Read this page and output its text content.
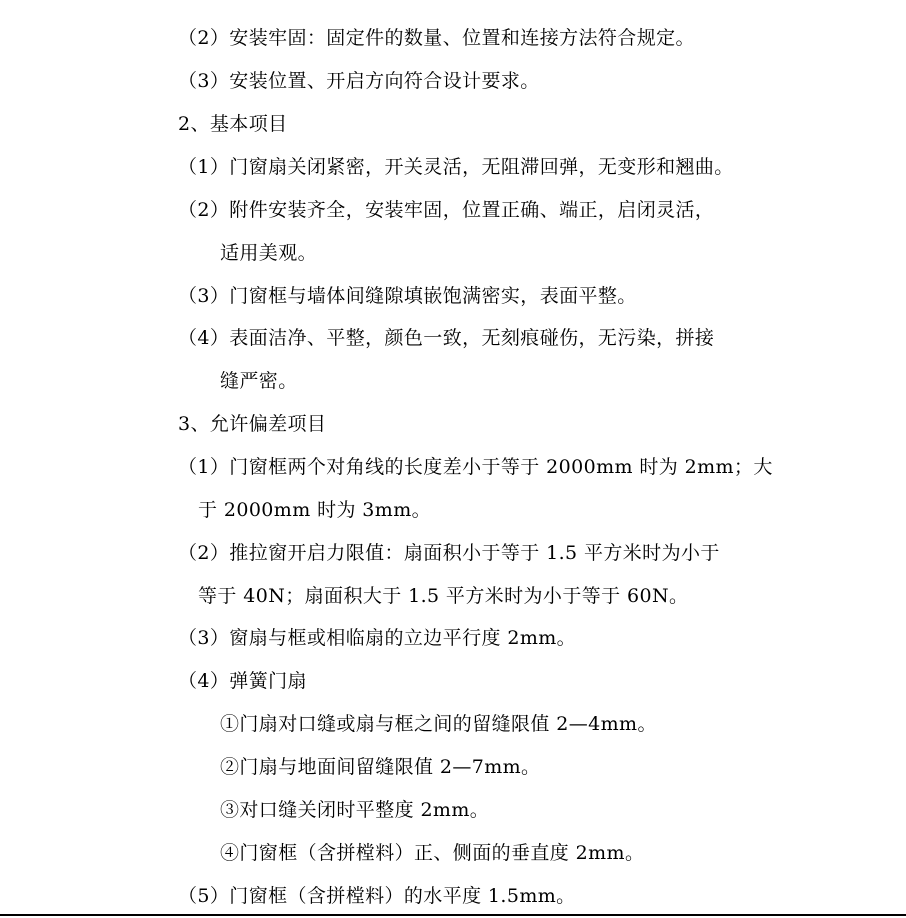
（2）安装牢固：固定件的数量、位置和连接方法符合规定。
（3）安装位置、开启方向符合设计要求。
2、基本项目
（1）门窗扇关闭紧密，开关灵活，无阻滞回弹，无变形和翘曲。
（2）附件安装齐全，安装牢固，位置正确、端正，启闭灵活，
适用美观。
（3）门窗框与墙体间缝隙填嵌饱满密实，表面平整。
（4）表面洁净、平整，颜色一致，无刻痕碰伤，无污染，拼接
缝严密。
3、允许偏差项目
（1）门窗框两个对角线的长度差小于等于 2000mm 时为 2mm；大
于 2000mm 时为 3mm。
（2）推拉窗开启力限值：扇面积小于等于 1.5 平方米时为小于
等于 40N；扇面积大于 1.5 平方米时为小于等于 60N。
（3）窗扇与框或相临扇的立边平行度 2mm。
（4）弹簧门扇
①门扇对口缝或扇与框之间的留缝限值 2—4mm。
②门扇与地面间留缝限值 2—7mm。
③对口缝关闭时平整度 2mm。
④门窗框（含拼樘料）正、侧面的垂直度 2mm。
（5）门窗框（含拼樘料）的水平度 1.5mm。
